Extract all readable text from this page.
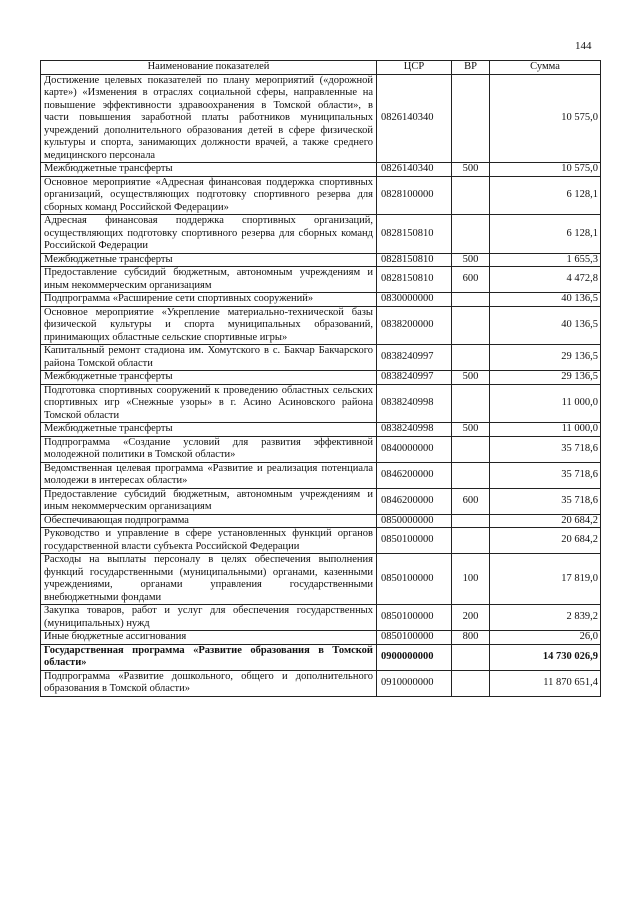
144
Наименование показателей	ЦСР	ВР	Сумма
Достижение целевых показателей по плану мероприятий («дорожной карте») «Изменения в отраслях социальной сферы, направленные на повышение эффективности здравоохранения в Томской области», в части повышения заработной платы работников муниципальных учреждений дополнительного образования детей в сфере физической культуры и спорта, занимающих должности врачей, а также среднего медицинского персонала	0826140340		10 575,0
Межбюджетные трансферты	0826140340	500	10 575,0
Основное мероприятие «Адресная финансовая поддержка спортивных организаций, осуществляющих подготовку спортивного резерва для сборных команд Российской Федерации»	0828100000		6 128,1
Адресная финансовая поддержка спортивных организаций, осуществляющих подготовку спортивного резерва для сборных команд Российской Федерации	0828150810		6 128,1
Межбюджетные трансферты	0828150810	500	1 655,3
Предоставление субсидий бюджетным, автономным учреждениям и иным некоммерческим организациям	0828150810	600	4 472,8
Подпрограмма «Расширение сети спортивных сооружений»	0830000000		40 136,5
Основное мероприятие «Укрепление материально-технической базы физической культуры и спорта муниципальных образований, принимающих областные сельские спортивные игры»	0838200000		40 136,5
Капитальный ремонт стадиона им. Хомутского в с. Бакчар Бакчарского района Томской области	0838240997		29 136,5
Межбюджетные трансферты	0838240997	500	29 136,5
Подготовка спортивных сооружений к проведению областных сельских спортивных игр «Снежные узоры» в г. Асино Асиновского района Томской области	0838240998		11 000,0
Межбюджетные трансферты	0838240998	500	11 000,0
Подпрограмма «Создание условий для развития эффективной молодежной политики в Томской области»	0840000000		35 718,6
Ведомственная целевая программа «Развитие и реализация потенциала молодежи в интересах области»	0846200000		35 718,6
Предоставление субсидий бюджетным, автономным учреждениям и иным некоммерческим организациям	0846200000	600	35 718,6
Обеспечивающая подпрограмма	0850000000		20 684,2
Руководство и управление в сфере установленных функций органов государственной власти субъекта Российской Федерации	0850100000		20 684,2
Расходы на выплаты персоналу в целях обеспечения выполнения функций государственными (муниципальными) органами, казенными учреждениями, органами управления государственными внебюджетными фондами	0850100000	100	17 819,0
Закупка товаров, работ и услуг для обеспечения государственных (муниципальных) нужд	0850100000	200	2 839,2
Иные бюджетные ассигнования	0850100000	800	26,0
Государственная программа «Развитие образования в Томской области»	0900000000		14 730 026,9
Подпрограмма «Развитие дошкольного, общего и дополнительного образования в Томской области»	0910000000		11 870 651,4
